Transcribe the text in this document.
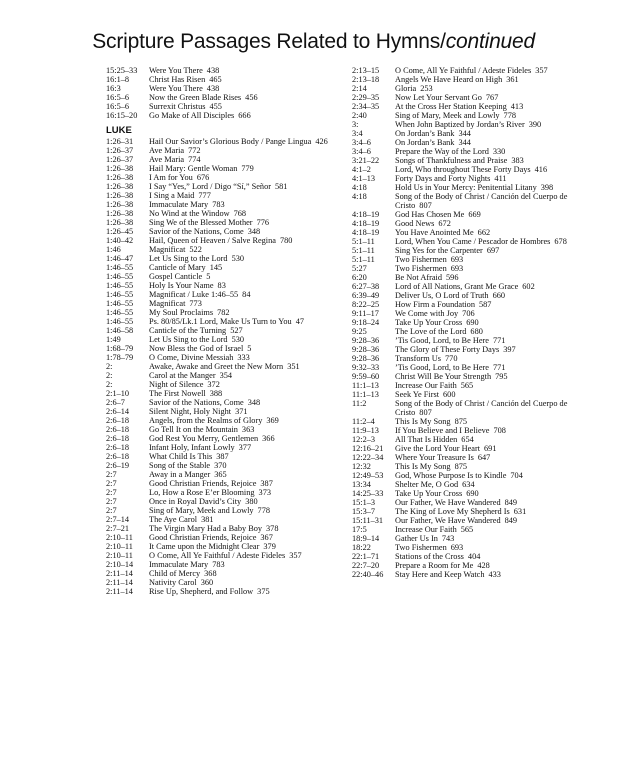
Scripture Passages Related to Hymns/continued
15:25–33	Were You There 438
16:1–8	Christ Has Risen 465
16:3	Were You There 438
16:5–6	Now the Green Blade Rises 456
16:5–6	Surrexit Christus 455
16:15–20	Go Make of All Disciples 666
LUKE
1:26–31	Hail Our Savior’s Glorious Body / Pange Lingua 426
1:26–37	Ave Maria 772
1:26–37	Ave Maria 774
1:26–38	Hail Mary: Gentle Woman 779
1:26–38	I Am for You 676
1:26–38	I Say “Yes,” Lord / Digo “Sí,” Señor 581
1:26–38	I Sing a Maid 777
1:26–38	Immaculate Mary 783
1:26–38	No Wind at the Window 768
1:26–38	Sing We of the Blessed Mother 776
1:26–45	Savior of the Nations, Come 348
1:40–42	Hail, Queen of Heaven / Salve Regina 780
1:46	Magnificat 522
1:46–47	Let Us Sing to the Lord 530
1:46–55	Canticle of Mary 145
1:46–55	Gospel Canticle 5
1:46–55	Holy Is Your Name 83
1:46–55	Magnificat / Luke 1:46–55 84
1:46–55	Magnificat 773
1:46–55	My Soul Proclaims 782
1:46–55	Ps. 80/85/Lk.1 Lord, Make Us Turn to You 47
1:46–58	Canticle of the Turning 527
1:49	Let Us Sing to the Lord 530
1:68–79	Now Bless the God of Israel 5
1:78–79	O Come, Divine Messiah 333
2:	Awake, Awake and Greet the New Morn 351
2:	Carol at the Manger 354
2:	Night of Silence 372
2:1–10	The First Nowell 388
2:6–7	Savior of the Nations, Come 348
2:6–14	Silent Night, Holy Night 371
2:6–18	Angels, from the Realms of Glory 369
2:6–18	Go Tell It on the Mountain 363
2:6–18	God Rest You Merry, Gentlemen 366
2:6–18	Infant Holy, Infant Lowly 377
2:6–18	What Child Is This 387
2:6–19	Song of the Stable 370
2:7	Away in a Manger 365
2:7	Good Christian Friends, Rejoice 387
2:7	Lo, How a Rose E’er Blooming 373
2:7	Once in Royal David’s City 380
2:7	Sing of Mary, Meek and Lowly 778
2:7–14	The Aye Carol 381
2:7–21	The Virgin Mary Had a Baby Boy 378
2:10–11	Good Christian Friends, Rejoice 367
2:10–11	It Came upon the Midnight Clear 379
2:10–11	O Come, All Ye Faithful / Adeste Fideles 357
2:10–14	Immaculate Mary 783
2:11–14	Child of Mercy 368
2:11–14	Nativity Carol 360
2:11–14	Rise Up, Shepherd, and Follow 375
2:13–15	O Come, All Ye Faithful / Adeste Fideles 357
2:13–18	Angels We Have Heard on High 361
2:14	Gloria 253
2:29–35	Now Let Your Servant Go 767
2:34–35	At the Cross Her Station Keeping 413
2:40	Sing of Mary, Meek and Lowly 778
3:	When John Baptized by Jordan’s River 390
3:4	On Jordan’s Bank 344
3:4–6	On Jordan’s Bank 344
3:4–6	Prepare the Way of the Lord 330
3:21–22	Songs of Thankfulness and Praise 383
4:1–2	Lord, Who throughout These Forty Days 416
4:1–13	Forty Days and Forty Nights 411
4:18	Hold Us in Your Mercy: Penitential Litany 398
4:18	Song of the Body of Christ / Canción del Cuerpo de Cristo 807
4:18–19	God Has Chosen Me 669
4:18–19	Good News 672
4:18–19	You Have Anointed Me 662
5:1–11	Lord, When You Came / Pescador de Hombres 678
5:1–11	Sing Yes for the Carpenter 697
5:1–11	Two Fishermen 693
5:27	Two Fishermen 693
6:20	Be Not Afraid 596
6:27–38	Lord of All Nations, Grant Me Grace 602
6:39–49	Deliver Us, O Lord of Truth 660
8:22–25	How Firm a Foundation 587
9:11–17	We Come with Joy 706
9:18–24	Take Up Your Cross 690
9:25	The Love of the Lord 680
9:28–36	’Tis Good, Lord, to Be Here 771
9:28–36	The Glory of These Forty Days 397
9:28–36	Transform Us 770
9:32–33	’Tis Good, Lord, to Be Here 771
9:59–60	Christ Will Be Your Strength 795
11:1–13	Increase Our Faith 565
11:1–13	Seek Ye First 600
11:2	Song of the Body of Christ / Canción del Cuerpo de Cristo 807
11:2–4	This Is My Song 875
11:9–13	If You Believe and I Believe 708
12:2–3	All That Is Hidden 654
12:16–21	Give the Lord Your Heart 691
12:22–34	Where Your Treasure Is 647
12:32	This Is My Song 875
12:49–53	God, Whose Purpose Is to Kindle 704
13:34	Shelter Me, O God 634
14:25–33	Take Up Your Cross 690
15:1–3	Our Father, We Have Wandered 849
15:3–7	The King of Love My Shepherd Is 631
15:11–31	Our Father, We Have Wandered 849
17:5	Increase Our Faith 565
18:9–14	Gather Us In 743
18:22	Two Fishermen 693
22:1–71	Stations of the Cross 404
22:7–20	Prepare a Room for Me 428
22:40–46	Stay Here and Keep Watch 433
